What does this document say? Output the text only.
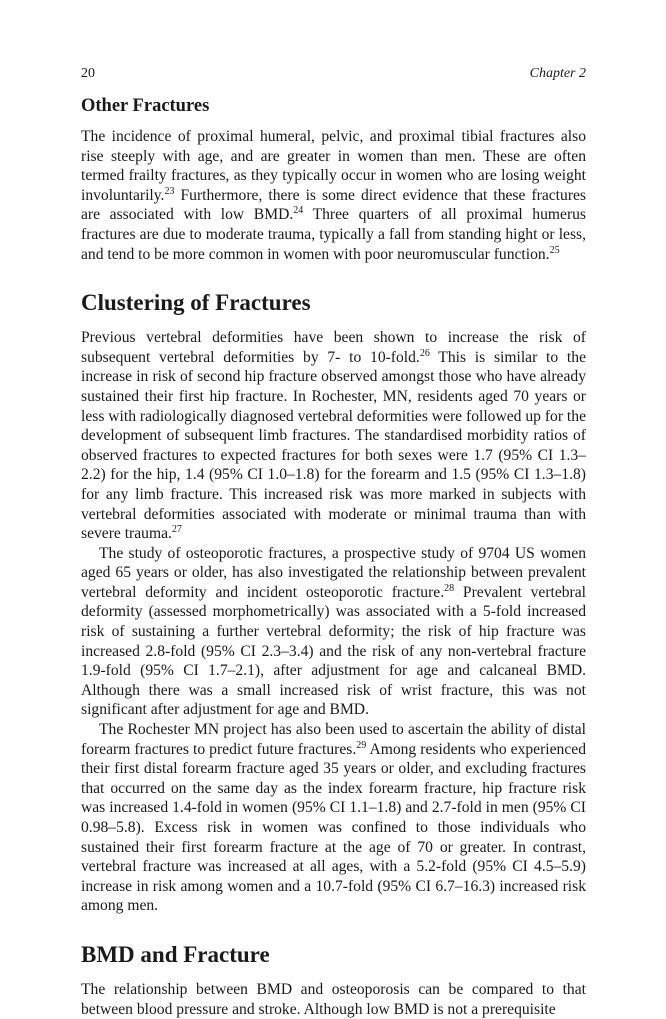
20	Chapter 2
Other Fractures

The incidence of proximal humeral, pelvic, and proximal tibial fractures also rise steeply with age, and are greater in women than men. These are often termed frailty fractures, as they typically occur in women who are losing weight involuntarily.$^{23}$ Furthermore, there is some direct evidence that these fractures are associated with low BMD.$^{24}$ Three quarters of all proximal humerus fractures are due to moderate trauma, typically a fall from standing hight or less, and tend to be more common in women with poor neuromuscular function.$^{25}$

Clustering of Fractures

Previous vertebral deformities have been shown to increase the risk of subsequent vertebral deformities by 7- to 10-fold.$^{26}$ This is similar to the increase in risk of second hip fracture observed amongst those who have already sustained their first hip fracture. In Rochester, MN, residents aged 70 years or less with radiologically diagnosed vertebral deformities were followed up for the development of subsequent limb fractures. The standardised morbidity ratios of observed fractures to expected fractures for both sexes were 1.7 (95% CI 1.3–2.2) for the hip, 1.4 (95% CI 1.0–1.8) for the forearm and 1.5 (95% CI 1.3–1.8) for any limb fracture. This increased risk was more marked in subjects with vertebral deformities associated with moderate or minimal trauma than with severe trauma.$^{27}$

The study of osteoporotic fractures, a prospective study of 9704 US women aged 65 years or older, has also investigated the relationship between prevalent vertebral deformity and incident osteoporotic fracture.$^{28}$ Prevalent vertebral deformity (assessed morphometrically) was associated with a 5-fold increased risk of sustaining a further vertebral deformity; the risk of hip fracture was increased 2.8-fold (95% CI 2.3–3.4) and the risk of any non-vertebral fracture 1.9-fold (95% CI 1.7–2.1), after adjustment for age and calcaneal BMD. Although there was a small increased risk of wrist fracture, this was not significant after adjustment for age and BMD.

The Rochester MN project has also been used to ascertain the ability of distal forearm fractures to predict future fractures.$^{29}$ Among residents who experienced their first distal forearm fracture aged 35 years or older, and excluding fractures that occurred on the same day as the index forearm fracture, hip fracture risk was increased 1.4-fold in women (95% CI 1.1–1.8) and 2.7-fold in men (95% CI 0.98–5.8). Excess risk in women was confined to those individuals who sustained their first forearm fracture at the age of 70 or greater. In contrast, vertebral fracture was increased at all ages, with a 5.2-fold (95% CI 4.5–5.9) increase in risk among women and a 10.7-fold (95% CI 6.7–16.3) increased risk among men.

BMD and Fracture

The relationship between BMD and osteoporosis can be compared to that between blood pressure and stroke. Although low BMD is not a prerequisite
